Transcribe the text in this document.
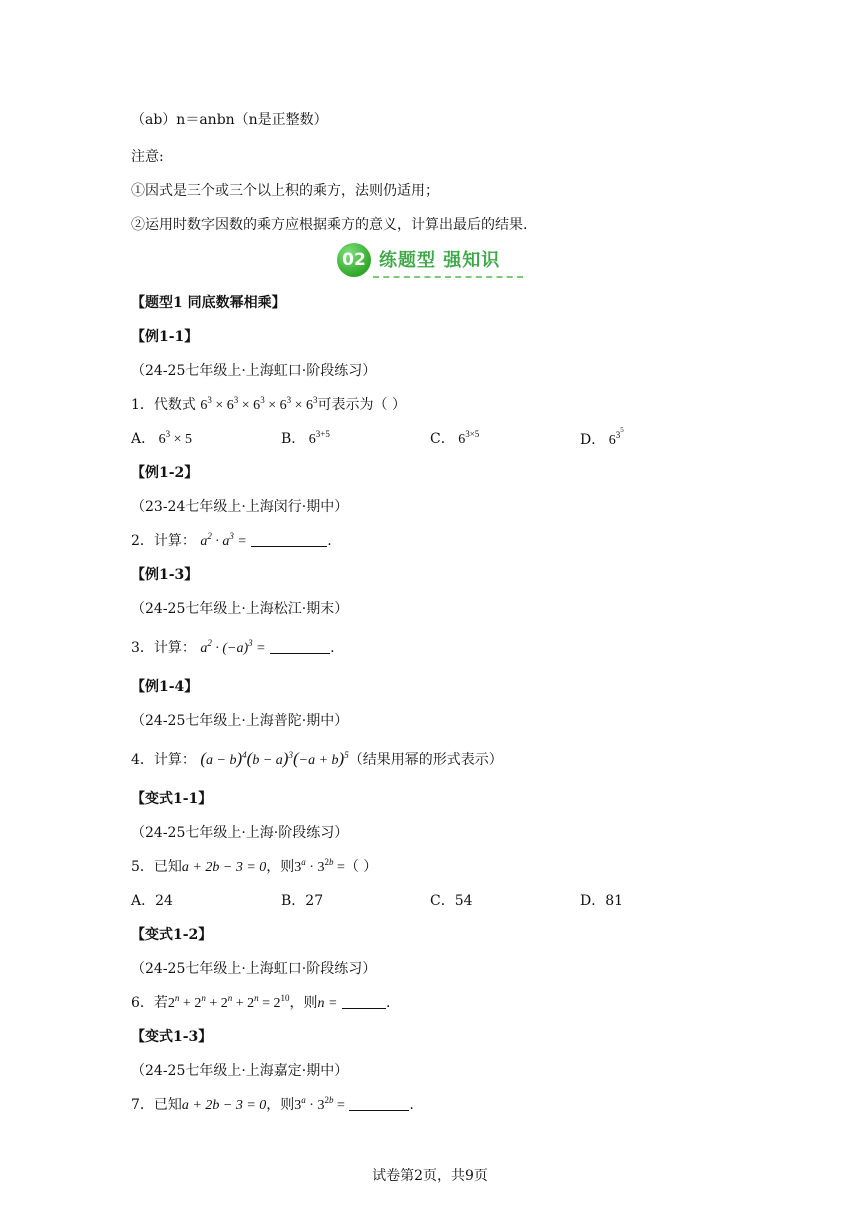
（ab）n＝anbn（n是正整数）
注意:
①因式是三个或三个以上积的乘方，法则仍适用；
②运用时数字因数的乘方应根据乘方的意义，计算出最后的结果.
02 练题型 强知识
【题型1 同底数幂相乘】
【例1-1】
（24-25七年级上·上海虹口·阶段练习）
1．代数式 $6^3 \times 6^3 \times 6^3 \times 6^3 \times 6^3$可表示为（ ）
A． $6^3 \times 5$	B． $6^{3+5}$	C． $6^{3\times 5}$	D． $6^{3^5}$
【例1-2】
（23-24七年级上·上海闵行·期中）
2．计算： $a^2 \cdot a^3$ =	.
【例1-3】
（24-25七年级上·上海松江·期末）
3．计算： $a^2 \cdot (-a)^3$ =	.
【例1-4】
（24-25七年级上·上海普陀·期中）
4．计算： $(a - b)^4(b - a)^3(-a + b)^5$（结果用幂的形式表示）
【变式1-1】
（24-25七年级上·上海·阶段练习）
5．已知a + 2b − 3 = 0，则$3^a \cdot 3^{2b}$ =（ ）
A．24	B．27	C．54	D．81
【变式1-2】
（24-25七年级上·上海虹口·阶段练习）
6．若$2^n + 2^n + 2^n + 2^n = 2^{10}$，则n =	.
【变式1-3】
（24-25七年级上·上海嘉定·期中）
7．已知a + 2b − 3 = 0，则$3^a \cdot 3^{2b}$ =	.
试卷第2页，共9页
